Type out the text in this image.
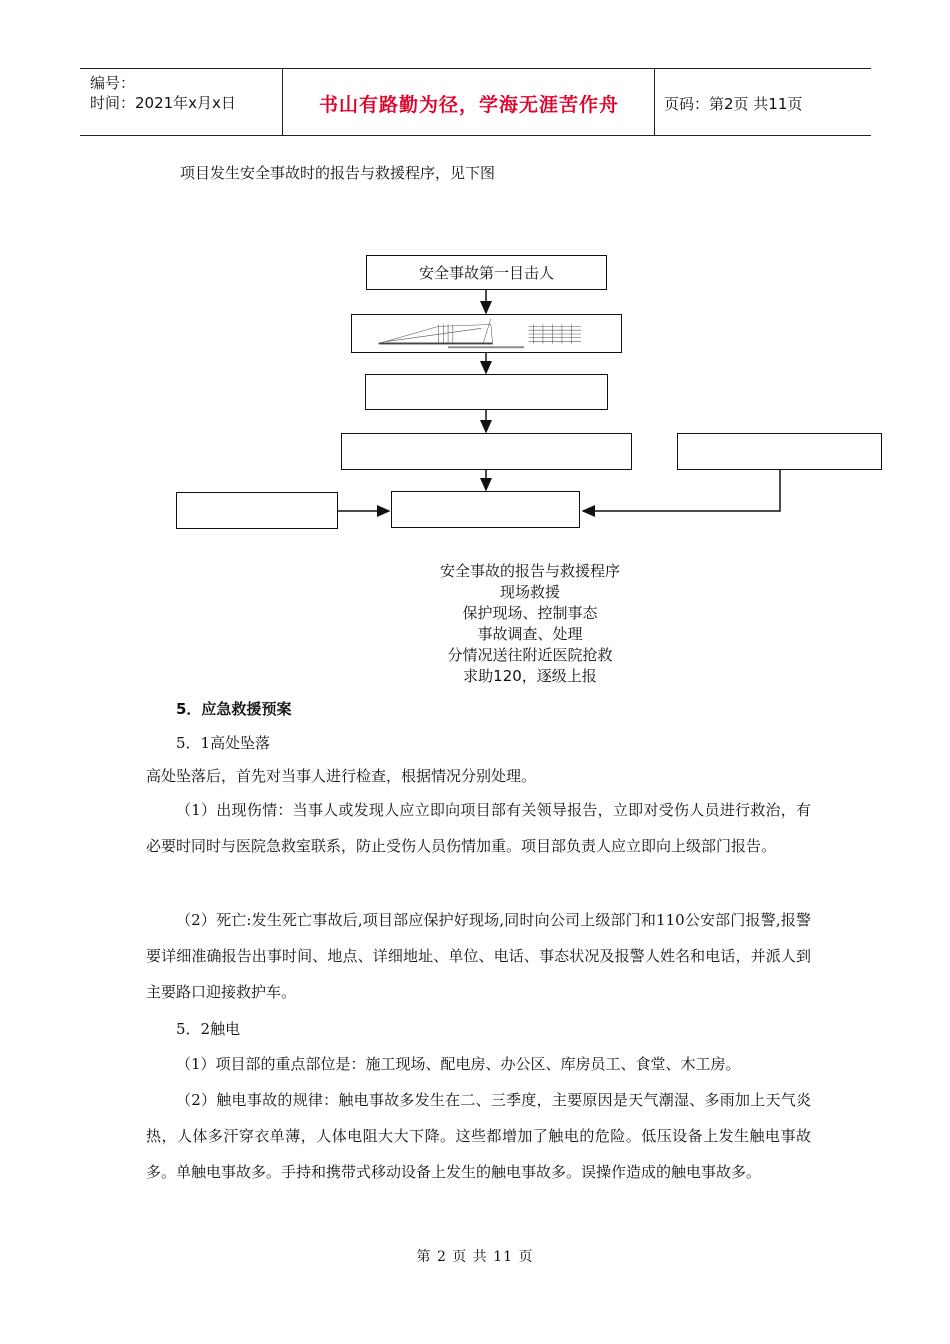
编号：
时间：2021年x月x日	书山有路勤为径，学海无涯苦作舟	页码：第2页 共11页
项目发生安全事故时的报告与救援程序，见下图
安全事故第一目击人
安全事故的报告与救援程序
现场救援
保护现场、控制事态
事故调查、处理
分情况送往附近医院抢救
求助120，逐级上报
5．应急救援预案
5．1高处坠落
高处坠落后，首先对当事人进行检查，根据情况分别处理。
（1）出现伤情：当事人或发现人应立即向项目部有关领导报告，立即对受伤人员进行救治，有必要时同时与医院急救室联系，防止受伤人员伤情加重。项目部负责人应立即向上级部门报告。
（2）死亡:发生死亡事故后,项目部应保护好现场,同时向公司上级部门和110公安部门报警,报警要详细准确报告出事时间、地点、详细地址、单位、电话、事态状况及报警人姓名和电话，并派人到主要路口迎接救护车。
5．2触电
（1）项目部的重点部位是：施工现场、配电房、办公区、库房员工、食堂、木工房。
（2）触电事故的规律：触电事故多发生在二、三季度，主要原因是天气潮湿、多雨加上天气炎热，人体多汗穿衣单薄，人体电阻大大下降。这些都增加了触电的危险。低压设备上发生触电事故多。单触电事故多。手持和携带式移动设备上发生的触电事故多。误操作造成的触电事故多。
第 2 页 共 11 页
